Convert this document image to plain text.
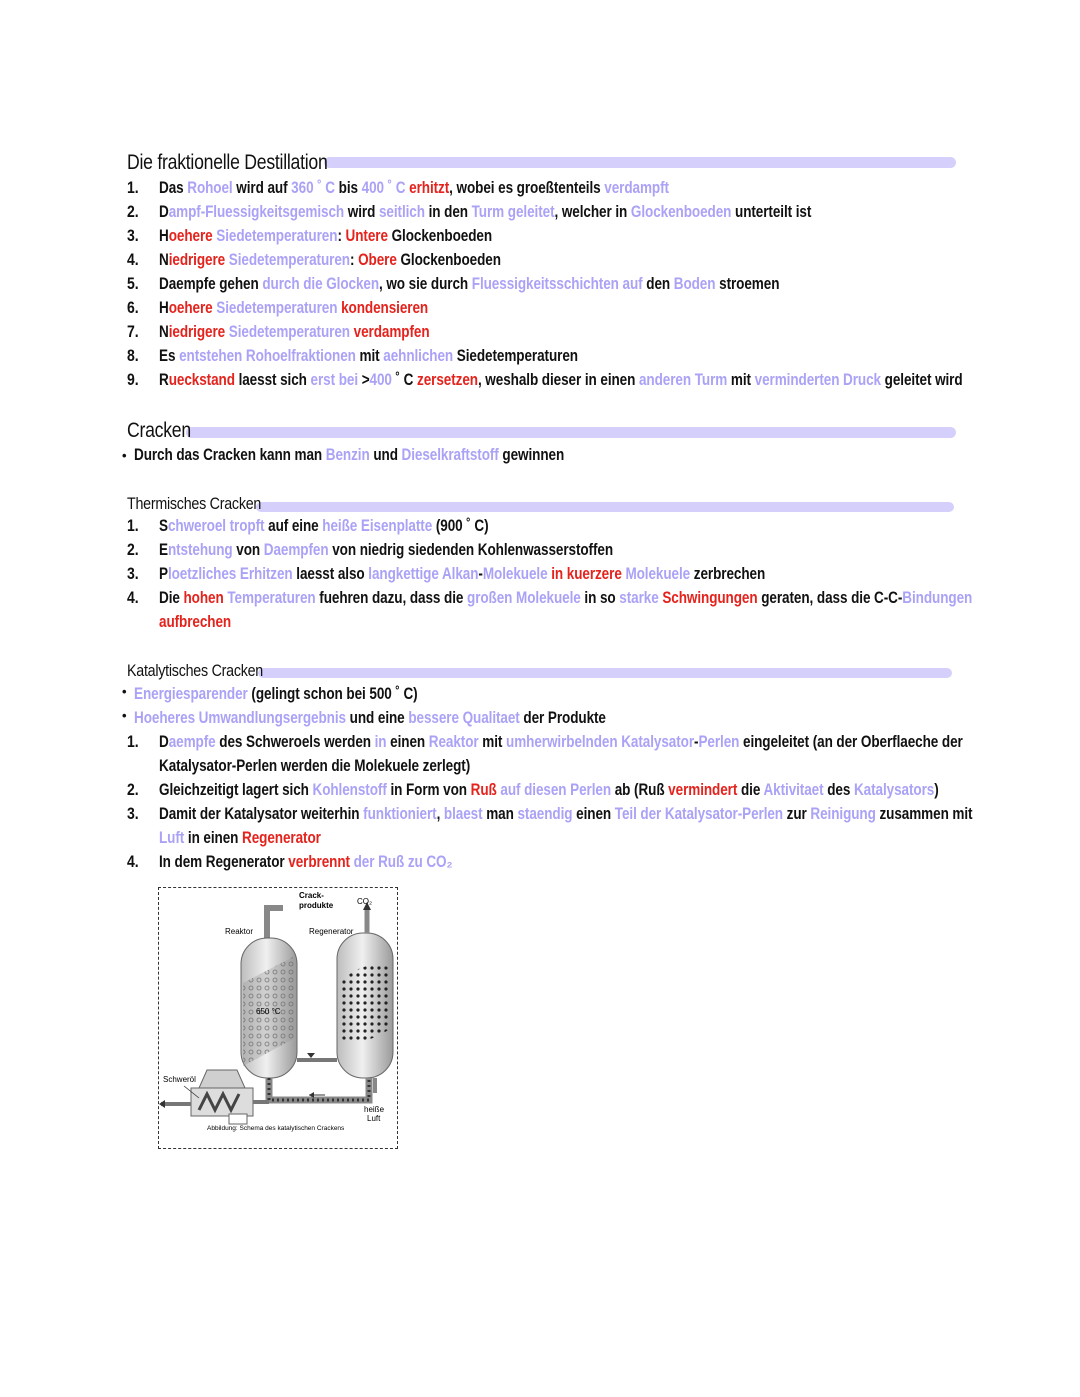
Die fraktionelle Destillation
1. Das Rohoel wird auf 360 ˚ C bis 400 ˚ C erhitzt, wobei es groeßtenteils verdampft
2. Dampf-Fluessigkeitsgemisch wird seitlich in den Turm geleitet, welcher in Glockenboeden unterteilt ist
3. Hoehere Siedetemperaturen: Untere Glockenboeden
4. Niedrigere Siedetemperaturen: Obere Glockenboeden
5. Daempfe gehen durch die Glocken, wo sie durch Fluessigkeitsschichten auf den Boden stroemen
6. Hoehere Siedetemperaturen kondensieren
7. Niedrigere Siedetemperaturen verdampfen
8. Es entstehen Rohoelfraktionen mit aehnlichen Siedetemperaturen
9. Rueckstand laesst sich erst bei >400 ˚ C zersetzen, weshalb dieser in einen anderen Turm mit verminderten Druck geleitet wird
Cracken
• Durch das Cracken kann man Benzin und Dieselkraftstoff gewinnen
Thermisches Cracken
1. Schweroel tropft auf eine heiße Eisenplatte (900 ˚ C)
2. Entstehung von Daempfen von niedrig siedenden Kohlenwasserstoffen
3. Ploetzliches Erhitzen laesst also langkettige Alkan-Molekuele in kuerzere Molekuele zerbrechen
4. Die hohen Temperaturen fuehren dazu, dass die großen Molekuele in so starke Schwingungen geraten, dass die C-C-Bindungen
aufbrechen
Katalytisches Cracken
• Energiesparender (gelingt schon bei 500 ˚ C)
• Hoeheres Umwandlungsergebnis und eine bessere Qualitaet der Produkte
1. Daempfe des Schweroels werden in einen Reaktor mit umherwirbelnden Katalysator-Perlen eingeleitet (an der Oberflaeche der
Katalysator-Perlen werden die Molekuele zerlegt)
2. Gleichzeitigt lagert sich Kohlenstoff in Form von Ruß auf diesen Perlen ab (Ruß vermindert die Aktivitaet des Katalysators)
3. Damit der Katalysator weiterhin funktioniert, blaest man staendig einen Teil der Katalysator-Perlen zur Reinigung zusammen mit
Luft in einen Regenerator
4. In dem Regenerator verbrennt der Ruß zu CO₂
Crack-
produkte	CO₂
Reaktor	Regenerator
650 °C
Schweröl
heiße
Luft
Abbildung: Schema des katalytischen Crackens
